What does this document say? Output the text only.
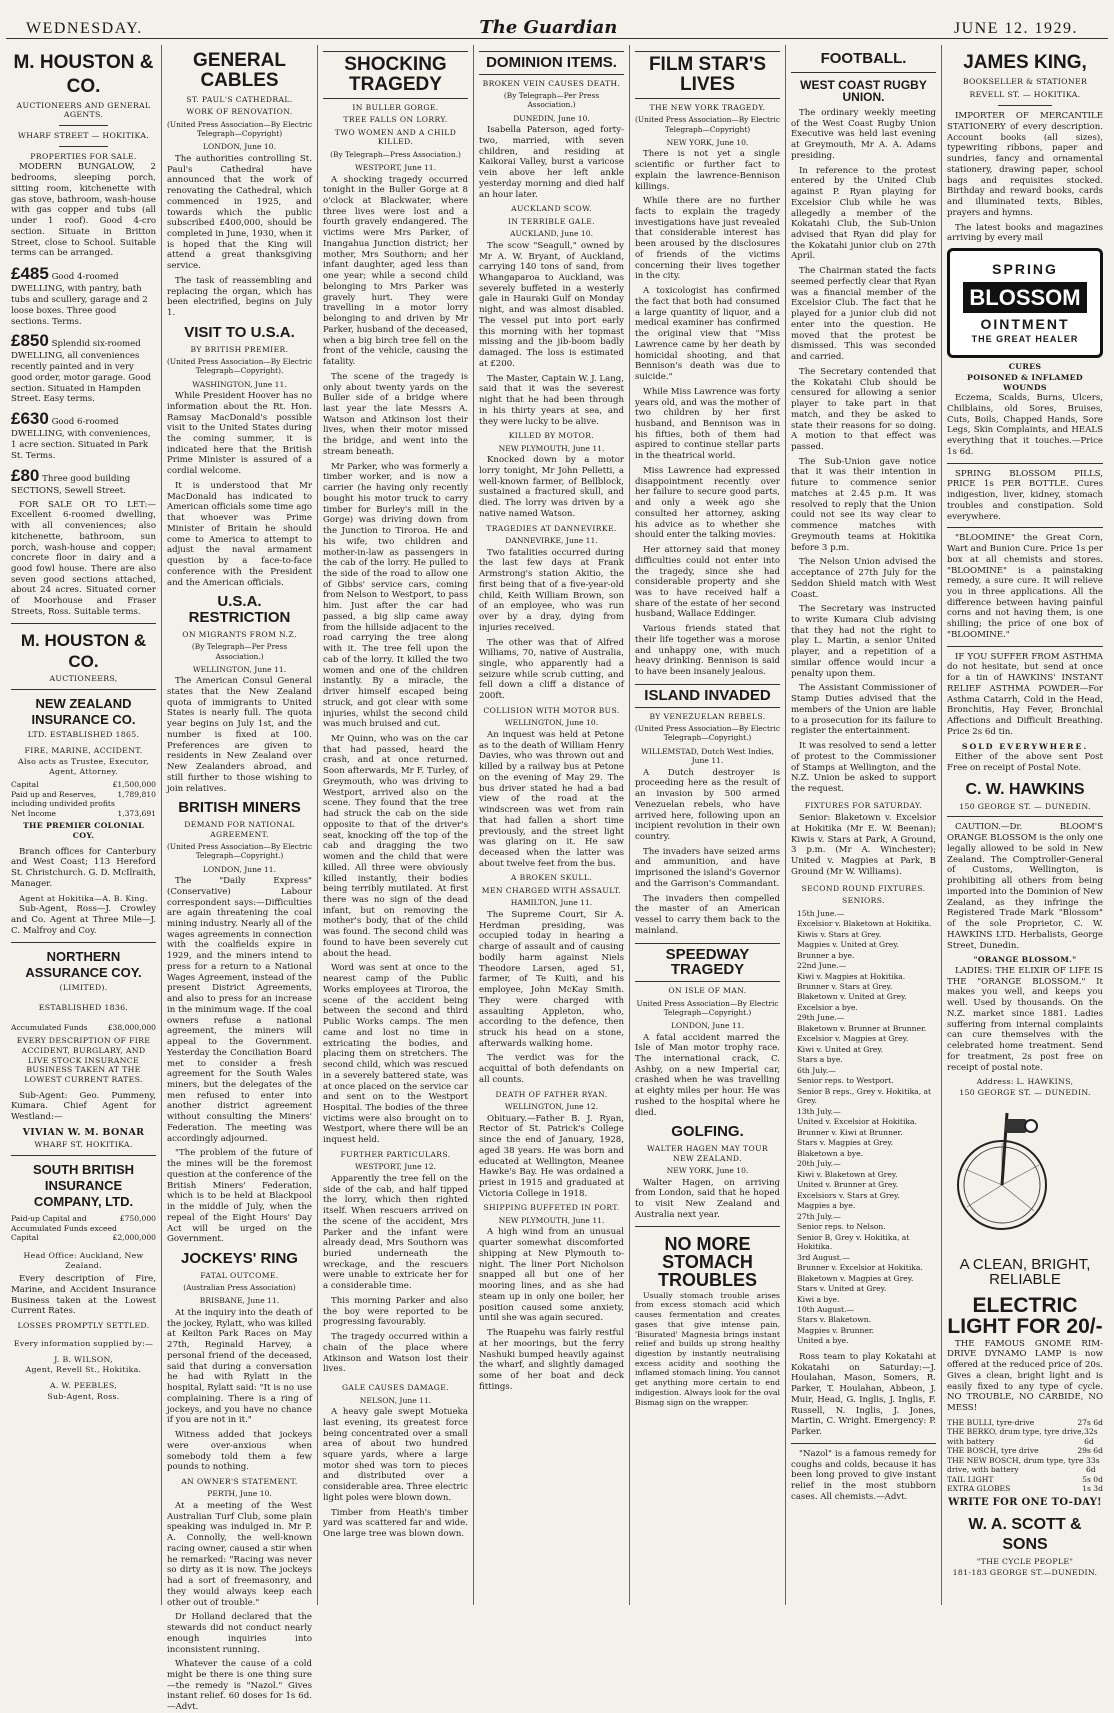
WEDNESDAY.	The Guardian	JUNE 12. 1929.
M. HOUSTON & CO.
AUCTIONEERS AND GENERAL AGENTS.
WHARF STREET — HOKITIKA.
PROPERTIES FOR SALE.

MODERN BUNGALOW, 2 bedrooms, sleeping porch, sitting room, kitchenette with gas stove, bathroom, wash-house with gas copper and tubs (all under 1 roof). Good 4-cro section. Situate in Britton Street, close to School. Suitable terms can be arranged.

£485 Good 4-roomed DWELLING, with pantry, bath tubs and scullery, garage and 2 loose boxes. Three good sections. Terms.
£850 Splendid six-roomed DWELLING, all conveniences recently painted and in very good order, motor garage. Good section. Situated in Hampden Street. Easy terms.
£630 Good 6-roomed DWELLING, with conveniences, 1 acre section. Situated in Park St. Terms.
£80 Three good building SECTIONS, Sewell Street.

FOR SALE OR TO LET:—Excellent 6-roomed dwelling, with all conveniences; also kitchenette, bathroom, sun porch, wash-house and copper; concrete floor in dairy and a good fowl house. There are also seven good sections attached, about 24 acres. Situated corner of Moorhouse and Fraser Streets, Ross. Suitable terms.

M. HOUSTON & CO.
AUCTIONEERS,
NEW ZEALAND INSURANCE CO.
LTD. ESTABLISHED 1865.
FIRE, MARINE, ACCIDENT.
Also acts as Trustee, Executor, Agent, Attorney.
Capital	£1,500,000
Paid up and Reserves, including undivided profits
1,789,810
Net Income	1,373,691
THE PREMIER COLONIAL COY.

Branch offices for Canterbury and West Coast; 113 Hereford St. Christchurch. G. D. McIlraith, Manager.

Agent at Hokitika—A. B. King.

Sub-Agent, Ross—J. Crowley and Co. Agent at Three Mile—J. C. Malfroy and Coy.

NORTHERN ASSURANCE COY.
(LIMITED).
ESTABLISHED 1836.
Accumulated Funds	£38,000,000
EVERY DESCRIPTION OF FIRE ACCIDENT, BURGLARY, AND LIVE STOCK INSURANCE BUSINESS TAKEN AT THE LOWEST CURRENT RATES.

Sub-Agent: Geo. Pummeny, Kumara. Chief Agent for Westland:—

VIVIAN W. M. BONAR
WHARF ST. HOKITIKA.
SOUTH BRITISH INSURANCE COMPANY, LTD.
Paid-up Capital and Accumulated Funds exceed
£750,000
Capital	£2,000,000
Head Office: Auckland, New Zealand.

Every description of Fire, Marine, and Accident Insurance Business taken at the Lowest Current Rates.

LOSSES PROMPTLY SETTLED.
Every information supplied by:—
J. B. WILSON,
Agent, Revell St., Hokitika.
A. W. PEEBLES,
Sub-Agent, Ross.
GENERAL CABLES
ST. PAUL'S CATHEDRAL.
WORK OF RENOVATION.
(United Press Association—By Electric Telegraph—Copyright)
LONDON, June 10.

The authorities controlling St. Paul's Cathedral have announced that the work of renovating the Cathedral, which commenced in 1925, and towards which the public subscribed £400,000, should be completed in June, 1930, when it is hoped that the King will attend a great thanksgiving service.

The task of reassembling and replacing the organ, which has been electrified, begins on July 1.

VISIT TO U.S.A.
BY BRITISH PREMIER.
(United Press Association—By Electric Telegraph—Copyright).
WASHINGTON, June 11.

While President Hoover has no information about the Rt. Hon. Ramsay MacDonald's possible visit to the United States during the coming summer, it is indicated here that the British Prime Minister is assured of a cordial welcome.

It is understood that Mr MacDonald has indicated to American officials some time ago that whoever was Prime Minister of Britain he should come to America to attempt to adjust the naval armament question by a face-to-face conference with the President and the American officials.

U.S.A. RESTRICTION
ON MIGRANTS FROM N.Z.
(By Telegraph—Per Press Association.)
WELLINGTON, June 11.

The American Consul General states that the New Zealand quota of immigrants to United States is nearly full. The quota year begins on July 1st, and the number is fixed at 100. Preferences are given to residents in New Zealand over New Zealanders abroad, and still further to those wishing to join relatives.

BRITISH MINERS
DEMAND FOR NATIONAL AGREEMENT.
(United Press Association—By Electric Telegraph—Copyright.)
LONDON, June 11.

The "Daily Express" (Conservative) Labour correspondent says:—Difficulties are again threatening the coal mining industry. Nearly all of the wages agreements in connection with the coalfields expire in 1929, and the miners intend to press for a return to a National Wages Agreement, instead of the present District Agreements, and also to press for an increase in the minimum wage. If the coal owners refuse a national agreement, the miners will appeal to the Government. Yesterday the Conciliation Board met to consider a fresh agreement for the South Wales miners, but the delegates of the men refused to enter into another district agreement without consulting the Miners' Federation. The meeting was accordingly adjourned.

"The problem of the future of the mines will be the foremost question at the conference of the British Miners' Federation, which is to be held at Blackpool in the middle of July, when the repeal of the Eight Hours' Day Act will be urged on the Government.

JOCKEYS' RING
FATAL OUTCOME.
(Australian Press Association)
BRISBANE, June 11.

At the inquiry into the death of the jockey, Rylatt, who was killed at Keilton Park Races on May 27th, Reginald Harvey, a personal friend of the deceased, said that during a conversation he had with Rylatt in the hospital, Rylatt said: "It is no use complaining. There is a ring of jockeys, and you have no chance if you are not in it."

Witness added that jockeys were over-anxious when somebody told them a few pounds to nothing.

AN OWNER'S STATEMENT.
PERTH, June 10.

At a meeting of the West Australian Turf Club, some plain speaking was indulged in. Mr P. A. Connolly, the well-known racing owner, caused a stir when he remarked: "Racing was never so dirty as it is now. The jockeys had a sort of freemasonry, and they would always keep each other out of trouble."

Dr Holland declared that the stewards did not conduct nearly enough inquiries into inconsistent running.

Whatever the cause of a cold might be there is one thing sure—the remedy is "Nazol." Gives instant relief. 60 doses for 1s 6d.—Advt.

SHOCKING TRAGEDY
IN BULLER GORGE.
TREE FALLS ON LORRY.
TWO WOMEN AND A CHILD KILLED.
(By Telegraph—Press Association.)
WESTPORT, June 11.

A shocking tragedy occurred tonight in the Buller Gorge at 8 o'clock at Blackwater, where three lives were lost and a fourth gravely endangered. The victims were Mrs Parker, of Inangahua Junction district; her mother, Mrs Southorn; and her infant daughter, aged less than one year; while a second child belonging to Mrs Parker was gravely hurt. They were travelling in a motor lorry belonging to and driven by Mr Parker, husband of the deceased, when a big birch tree fell on the front of the vehicle, causing the fatality.

The scene of the tragedy is only about twenty yards on the Buller side of a bridge where last year the late Messrs A. Watson and Atkinson lost their lives, when their motor missed the bridge, and went into the stream beneath.

Mr Parker, who was formerly a timber worker, and is now a carrier (he having only recently bought his motor truck to carry timber for Burley's mill in the Gorge) was driving down from the Junction to Tiroroa. He and his wife, two children and mother-in-law as passengers in the cab of the lorry. He pulled to the side of the road to allow one of Gibbs' service cars, coming from Nelson to Westport, to pass him. Just after the car had passed, a big slip came away from the hillside adjacent to the road carrying the tree along with it. The tree fell upon the cab of the lorry. It killed the two women and one of the children instantly. By a miracle, the driver himself escaped being struck, and got clear with some injuries, whilst the second child was much bruised and cut.

Mr Quinn, who was on the car that had passed, heard the crash, and at once returned. Soon afterwards, Mr F. Turley, of Greymouth, who was driving to Westport, arrived also on the scene. They found that the tree had struck the cab on the side opposite to that of the driver's seat, knocking off the top of the cab and dragging the two women and the child that were killed. All three were obviously killed instantly, their bodies being terribly mutilated. At first there was no sign of the dead infant, but on removing the mother's body, that of the child was found. The second child was found to have been severely cut about the head.

Word was sent at once to the nearest camp of the Public Works employees at Tiroroa, the scene of the accident being between the second and third Public Works camps. The men came and lost no time in extricating the bodies, and placing them on stretchers. The second child, which was rescued in a severely battered state, was at once placed on the service car and sent on to the Westport Hospital. The bodies of the three victims were also brought on to Westport, where there will be an inquest held.

FURTHER PARTICULARS.
WESTPORT, June 12.

Apparently the tree fell on the side of the cab, and half tipped the lorry, which then righted itself. When rescuers arrived on the scene of the accident, Mrs Parker and the infant were already dead, Mrs Southorn was buried underneath the wreckage, and the rescuers were unable to extricate her for a considerable time.

This morning Parker and also the boy were reported to be progressing favourably.

The tragedy occurred within a chain of the place where Atkinson and Watson lost their lives.

GALE CAUSES DAMAGE.
NELSON, June 11.

A heavy gale swept Motueka last evening, its greatest force being concentrated over a small area of about two hundred square yards, where a large motor shed was torn to pieces and distributed over a considerable area. Three electric light poles were blown down.

Timber from Heath's timber yard was scattered far and wide. One large tree was blown down.

DOMINION ITEMS.
BROKEN VEIN CAUSES DEATH.
(By Telegraph—Per Press Association.)
DUNEDIN, June 10.

Isabella Paterson, aged forty-two, married, with seven children, and residing at Kaikorai Valley, burst a varicose vein above her left ankle yesterday morning and died half an hour later.

AUCKLAND SCOW.
IN TERRIBLE GALE.
AUCKLAND, June 10.

The scow "Seagull," owned by Mr A. W. Bryant, of Auckland, carrying 140 tons of sand, from Whangaparoa to Auckland, was severely buffeted in a westerly gale in Hauraki Gulf on Monday night, and was almost disabled. The vessel put into port early this morning with her topmast missing and the jib-boom badly damaged. The loss is estimated at £200.

The Master, Captain W. J. Lang, said that it was the severest night that he had been through in his thirty years at sea, and they were lucky to be alive.

KILLED BY MOTOR.
NEW PLYMOUTH, June 11.

Knocked down by a motor lorry tonight, Mr John Pelletti, a well-known farmer, of Bellblock, sustained a fractured skull, and died. The lorry was driven by a native named Watson.

TRAGEDIES AT DANNEVIRKE.
DANNEVIRKE, June 11.

Two fatalities occurred during the last few days at Frank Armstrong's station Akitio, the first being that of a five-year-old child, Keith William Brown, son of an employee, who was run over by a dray, dying from injuries received.

The other was that of Alfred Williams, 70, native of Australia, single, who apparently had a seizure while scrub cutting, and fell down a cliff a distance of 200ft.

COLLISION WITH MOTOR BUS.
WELLINGTON, June 10.

An inquest was held at Petone as to the death of William Henry Davies, who was thrown out and killed by a railway bus at Petone on the evening of May 29. The bus driver stated he had a bad view of the road at the windscreen was wet from rain that had fallen a short time previously, and the street light was glaring on it. He saw deceased when the latter was about twelve feet from the bus.

A BROKEN SKULL.
MEN CHARGED WITH ASSAULT.
HAMILTON, June 11.

The Supreme Court, Sir A. Herdman presiding, was occupied today in hearing a charge of assault and of causing bodily harm against Niels Theodore Larsen, aged 51, farmer, of Te Kuiti, and his employee, John McKay Smith. They were charged with assaulting Appleton, who, according to the defence, then struck his head on a stone, afterwards walking home.

The verdict was for the acquittal of both defendants on all counts.

DEATH OF FATHER RYAN.
WELLINGTON, June 12.

Obituary.—Father B. J. Ryan, Rector of St. Patrick's College since the end of January, 1928, aged 38 years. He was born and educated at Wellington, Meanee Hawke's Bay. He was ordained a priest in 1915 and graduated at Victoria College in 1918.

SHIPPING BUFFETED IN PORT.
NEW PLYMOUTH, June 11.

A high wind from an unusual quarter somewhat discomforted shipping at New Plymouth to-night. The liner Port Nicholson snapped all but one of her mooring lines, and as she had steam up in only one boiler, her position caused some anxiety, until she was again secured.

The Ruapehu was fairly restful at her moorings, but the ferry Nashuki bumped heavily against the wharf, and slightly damaged some of her boat and deck fittings.

FILM STAR'S LIVES
THE NEW YORK TRAGEDY.
(United Press Association—By Electric Telegraph—Copyright)
NEW YORK, June 10.

There is not yet a single scientific or further fact to explain the lawrence-Bennison killings.

While there are no further facts to explain the tragedy investigations have just revealed that considerable interest has been aroused by the disclosures of friends of the victims concerning their lives together in the city.

A toxicologist has confirmed the fact that both had consumed a large quantity of liquor, and a medical examiner has confirmed the original view that "Miss Lawrence came by her death by homicidal shooting, and that Bennison's death was due to suicide."

While Miss Lawrence was forty years old, and was the mother of two children by her first husband, and Bennison was in his fifties, both of them had aspired to continue stellar parts in the theatrical world.

Miss Lawrence had expressed disappointment recently over her failure to secure good parts, and only a week ago she consulted her attorney, asking his advice as to whether she should enter the talking movies.

Her attorney said that money difficulties could not enter into the tragedy, since she had considerable property and she was to have received half a share of the estate of her second husband, Wallace Eddinger.

Various friends stated that their life together was a morose and unhappy one, with much heavy drinking. Bennison is said to have been insanely jealous.

ISLAND INVADED
BY VENEZUELAN REBELS.
(United Press Association—By Electric Telegraph—Copyright.)
WILLEMSTAD, Dutch West Indies, June 11.

A Dutch destroyer is proceeding here as the result of an invasion by 500 armed Venezuelan rebels, who have arrived here, following upon an incipient revolution in their own country.

The invaders have seized arms and ammunition, and have imprisoned the island's Governor and the Garrison's Commandant.

The invaders then compelled the master of an American vessel to carry them back to the mainland.

SPEEDWAY TRAGEDY
ON ISLE OF MAN.
United Press Association—By Electric Telegraph—Copyright.)
LONDON, June 11.

A fatal accident marred the Isle of Man motor trophy race. The international crack, C. Ashby, on a new Imperial car, crashed when he was travelling at eighty miles per hour. He was rushed to the hospital where he died.

GOLFING.
WALTER HAGEN MAY TOUR NEW ZEALAND.
NEW YORK, June 10.

Walter Hagen, on arriving from London, said that he hoped to visit New Zealand and Australia next year.

NO MORE STOMACH TROUBLES

Usually stomach trouble arises from excess stomach acid which causes fermentation and creates gases that give intense pain. 'Bisurated' Magnesia brings instant relief and builds up strong healthy digestion by instantly neutralising excess acidity and soothing the inflamed stomach lining. You cannot get anything more certain to end indigestion. Always look for the oval Bismag sign on the wrapper.

FOOTBALL.
WEST COAST RUGBY UNION.

The ordinary weekly meeting of the West Coast Rugby Union Executive was held last evening at Greymouth, Mr A. A. Adams presiding.

In reference to the protest entered by the United Club against P. Ryan playing for Excelsior Club while he was allegedly a member of the Kokatahi Club, the Sub-Union advised that Ryan did play for the Kokatahi junior club on 27th April.

The Chairman stated the facts seemed perfectly clear that Ryan was a financial member of the Excelsior Club. The fact that he played for a junior club did not enter into the question. He moved that the protest be dismissed. This was seconded and carried.

The Secretary contended that the Kokatahi Club should be censured for allowing a senior player to take part in that match, and they be asked to state their reasons for so doing. A motion to that effect was passed.

The Sub-Union gave notice that it was their intention in future to commence senior matches at 2.45 p.m. It was resolved to reply that the Union could not see its way clear to commence matches with Greymouth teams at Hokitika before 3 p.m.

The Nelson Union advised the acceptance of 27th July for the Seddon Shield match with West Coast.

The Secretary was instructed to write Kumara Club advising that they had not the right to play L. Martin, a senior United player, and a repetition of a similar offence would incur a penalty upon them.

The Assistant Commissioner of Stamp Duties advised that the members of the Union are liable to a prosecution for its failure to register the entertainment.

It was resolved to send a letter of protest to the Commissioner of Stamps at Wellington, and the N.Z. Union be asked to support the request.

FIXTURES FOR SATURDAY.

Senior: Blaketown v. Excelsior at Hokitika (Mr E. W. Beenan); Kiwis v. Stars at Park, A Ground, 3 p.m. (Mr A. Winchester); United v. Magpies at Park, B Ground (Mr W. Williams).

SECOND ROUND FIXTURES.
SENIORS.
15th June.—
Excelsior v. Blaketown at Hokitika.
Kiwis v. Stars at Grey.
Magpies v. United at Grey.
Brunner a bye.
22nd June.—
Kiwi v. Magpies at Hokitika.
Brunner v. Stars at Grey.
Blaketown v. United at Grey.
Excelsior a bye.
29th June.—
Blaketown v. Brunner at Brunner.
Excelsior v. Magpies at Grey.
Kiwi v. United at Grey.
Stars a bye.
6th July.—
Senior reps. to Westport.
Senior B reps., Grey v. Hokitika, at Grey.
13th July.—
United v. Excelsior at Hokitika.
Brunner v. Kiwi at Brunner.
Stars v. Magpies at Grey.
Blaketown a bye.
20th July.—
Kiwi v. Blaketown at Grey.
United v. Brunner at Grey.
Excelsiors v. Stars at Grey.
Magpies a bye.
27th July.—
Senior reps. to Nelson.
Senior B, Grey v. Hokitika, at Hokitika.
3rd August.—
Brunner v. Excelsior at Hokitika.
Blaketown v. Magpies at Grey.
Stars v. United at Grey.
Kiwi a bye.
10th August.—
Stars v. Blaketown.
Magpies v. Brunner.
United a bye.

Ross team to play Kokatahi at Kokatahi on Saturday:—J. Houlahan, Mason, Somers, R. Parker, T. Houlahan, Abbeon, J. Muir, Head, G. Inglis, J. Inglis, F. Russell, N. Inglis, J. Jones, Martin, C. Wright. Emergency: P. Parker.

"Nazol" is a famous remedy for coughs and colds, because it has been long proved to give instant relief in the most stubborn cases. All chemists.—Advt.

JAMES KING,
BOOKSELLER & STATIONER
REVELL ST. — HOKITIKA.

IMPORTER OF MERCANTILE STATIONERY of every description. Account books (all sizes), typewriting ribbons, paper and sundries, fancy and ornamental stationery, drawing paper, school bags and requisites stocked. Birthday and reward books, cards and illuminated texts, Bibles, prayers and hymns.

The latest books and magazines arriving by every mail

SPRING
BLOSSOM
OINTMENT
THE GREAT HEALER
CURES
POISONED & INFLAMED WOUNDS

Eczema, Scalds, Burns, Ulcers, Chilblains, old Sores, Bruises, Cuts, Boils, Chapped Hands, Sore Legs, Skin Complaints, and HEALS everything that it touches.—Price 1s 6d.

SPRING BLOSSOM PILLS, PRICE 1s PER BOTTLE. Cures indigestion, liver, kidney, stomach troubles and constipation. Sold everywhere.

"BLOOMINE" the Great Corn, Wart and Bunion Cure. Price 1s per box at all chemists and stores. "BLOOMINE" is a painstaking remedy, a sure cure. It will relieve you in three applications. All the difference between having painful corns and not having them, is one shilling; the price of one box of "BLOOMINE."

IF YOU SUFFER FROM ASTHMA do not hesitate, but send at once for a tin of HAWKINS' INSTANT RELIEF ASTHMA POWDER—For Asthma Catarrh, Cold in the Head, Bronchitis, Hay Fever, Bronchial Affections and Difficult Breathing. Price 2s 6d tin.

SOLD EVERYWHERE.

Either of the above sent Post Free on receipt of Postal Note.

C. W. HAWKINS
150 GEORGE ST. — DUNEDIN.

CAUTION.—Dr. BLOOM'S ORANGE BLOSSOM is the only one legally allowed to be sold in New Zealand. The Comptroller-General of Customs, Wellington, is prohibiting all others from being imported into the Dominion of New Zealand, as they infringe the Registered Trade Mark "Blossom" of the sole Proprietor, C. W. HAWKINS LTD. Herbalists, George Street, Dunedin.

"ORANGE BLOSSOM."

LADIES: THE ELIXIR OF LIFE IS THE "ORANGE BLOSSOM." It makes you well, and keeps you well. Used by thousands. On the N.Z. market since 1881. Ladies suffering from internal complaints can cure themselves with the celebrated home treatment. Send for treatment, 2s post free on receipt of postal note.

Address: L. HAWKINS,
150 GEORGE ST. — DUNEDIN.
A CLEAN, BRIGHT, RELIABLE
ELECTRIC LIGHT FOR 20/-

THE FAMOUS GNOME RIM-DRIVE DYNAMO LAMP is now offered at the reduced price of 20s. Gives a clean, bright light and is easily fixed to any type of cycle. NO TROUBLE, NO CARBIDE, NO MESS!

THE BULLI, tyre-drive	27s 6d
THE BERKO, drum type, tyre drive, with battery
32s 6d
THE BOSCH, tyre drive	29s 6d
THE NEW BOSCH, drum type, tyre drive, with battery
33s 6d
TAIL LIGHT	5s 0d
EXTRA GLOBES	1s 3d
WRITE FOR ONE TO-DAY!
W. A. SCOTT & SONS
"THE CYCLE PEOPLE"
181-183 GEORGE ST.—DUNEDIN.
